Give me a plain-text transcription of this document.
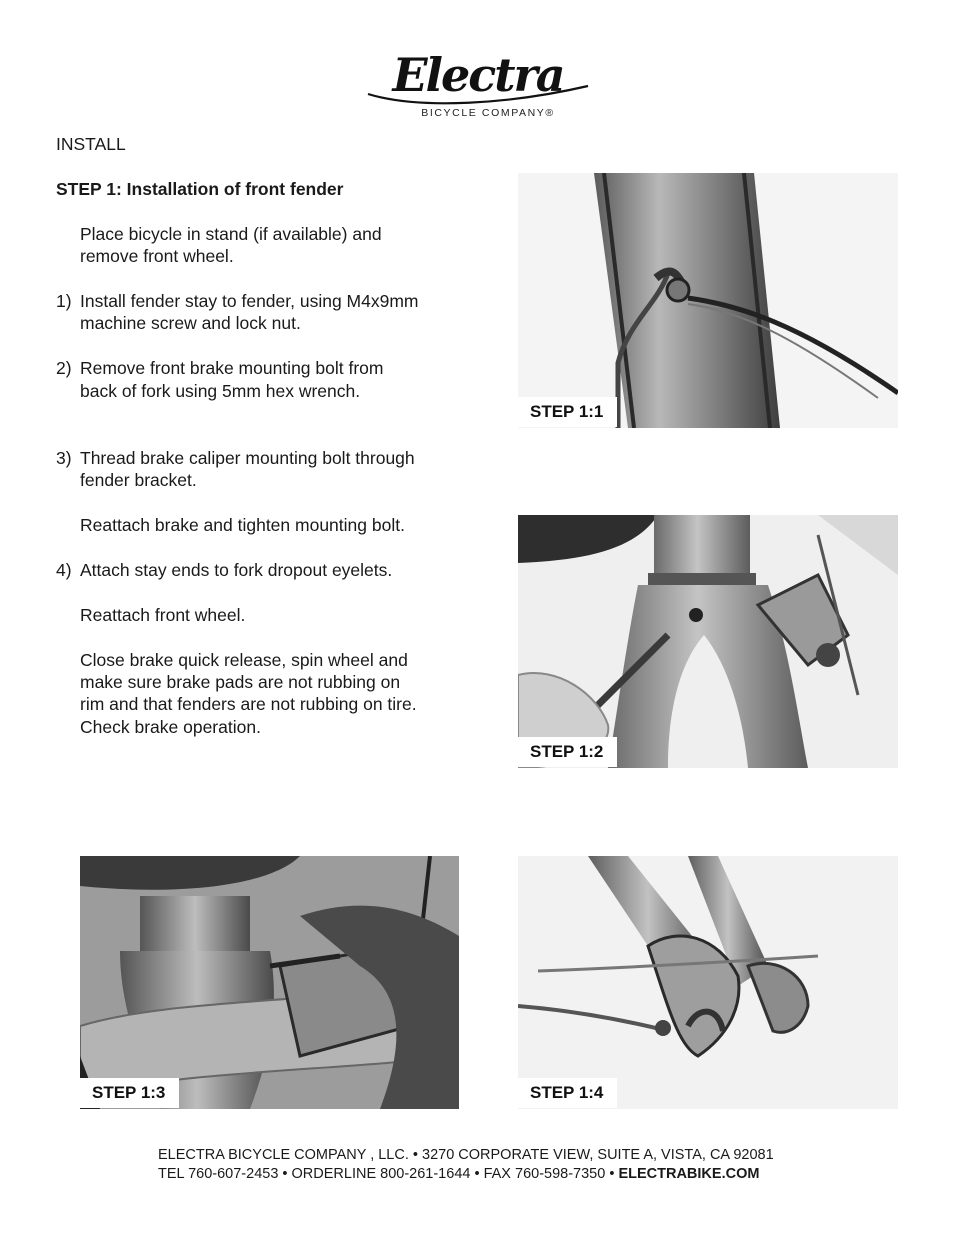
Electra
BICYCLE COMPANY®
INSTALL
STEP 1: Installation of front fender
Place bicycle in stand (if available) and
remove front wheel.
1) Install fender stay to fender, using M4x9mm
machine screw and lock nut.
2) Remove front brake mounting bolt from
back of fork using 5mm hex wrench.
3) Thread brake caliper mounting bolt through
fender bracket.
Reattach brake and tighten mounting bolt.
4) Attach stay ends to fork dropout eyelets.
Reattach front wheel.
Close brake quick release, spin wheel and
make sure brake pads are not rubbing on
rim and that fenders are not rubbing on tire.
Check brake operation.
STEP 1:1
STEP 1:2
STEP 1:3	STEP 1:4
ELECTRA BICYCLE COMPANY , LLC. • 3270 CORPORATE VIEW, SUITE A, VISTA, CA 92081
TEL 760-607-2453 • ORDERLINE 800-261-1644 • FAX 760-598-7350 • ELECTRABIKE.COM
